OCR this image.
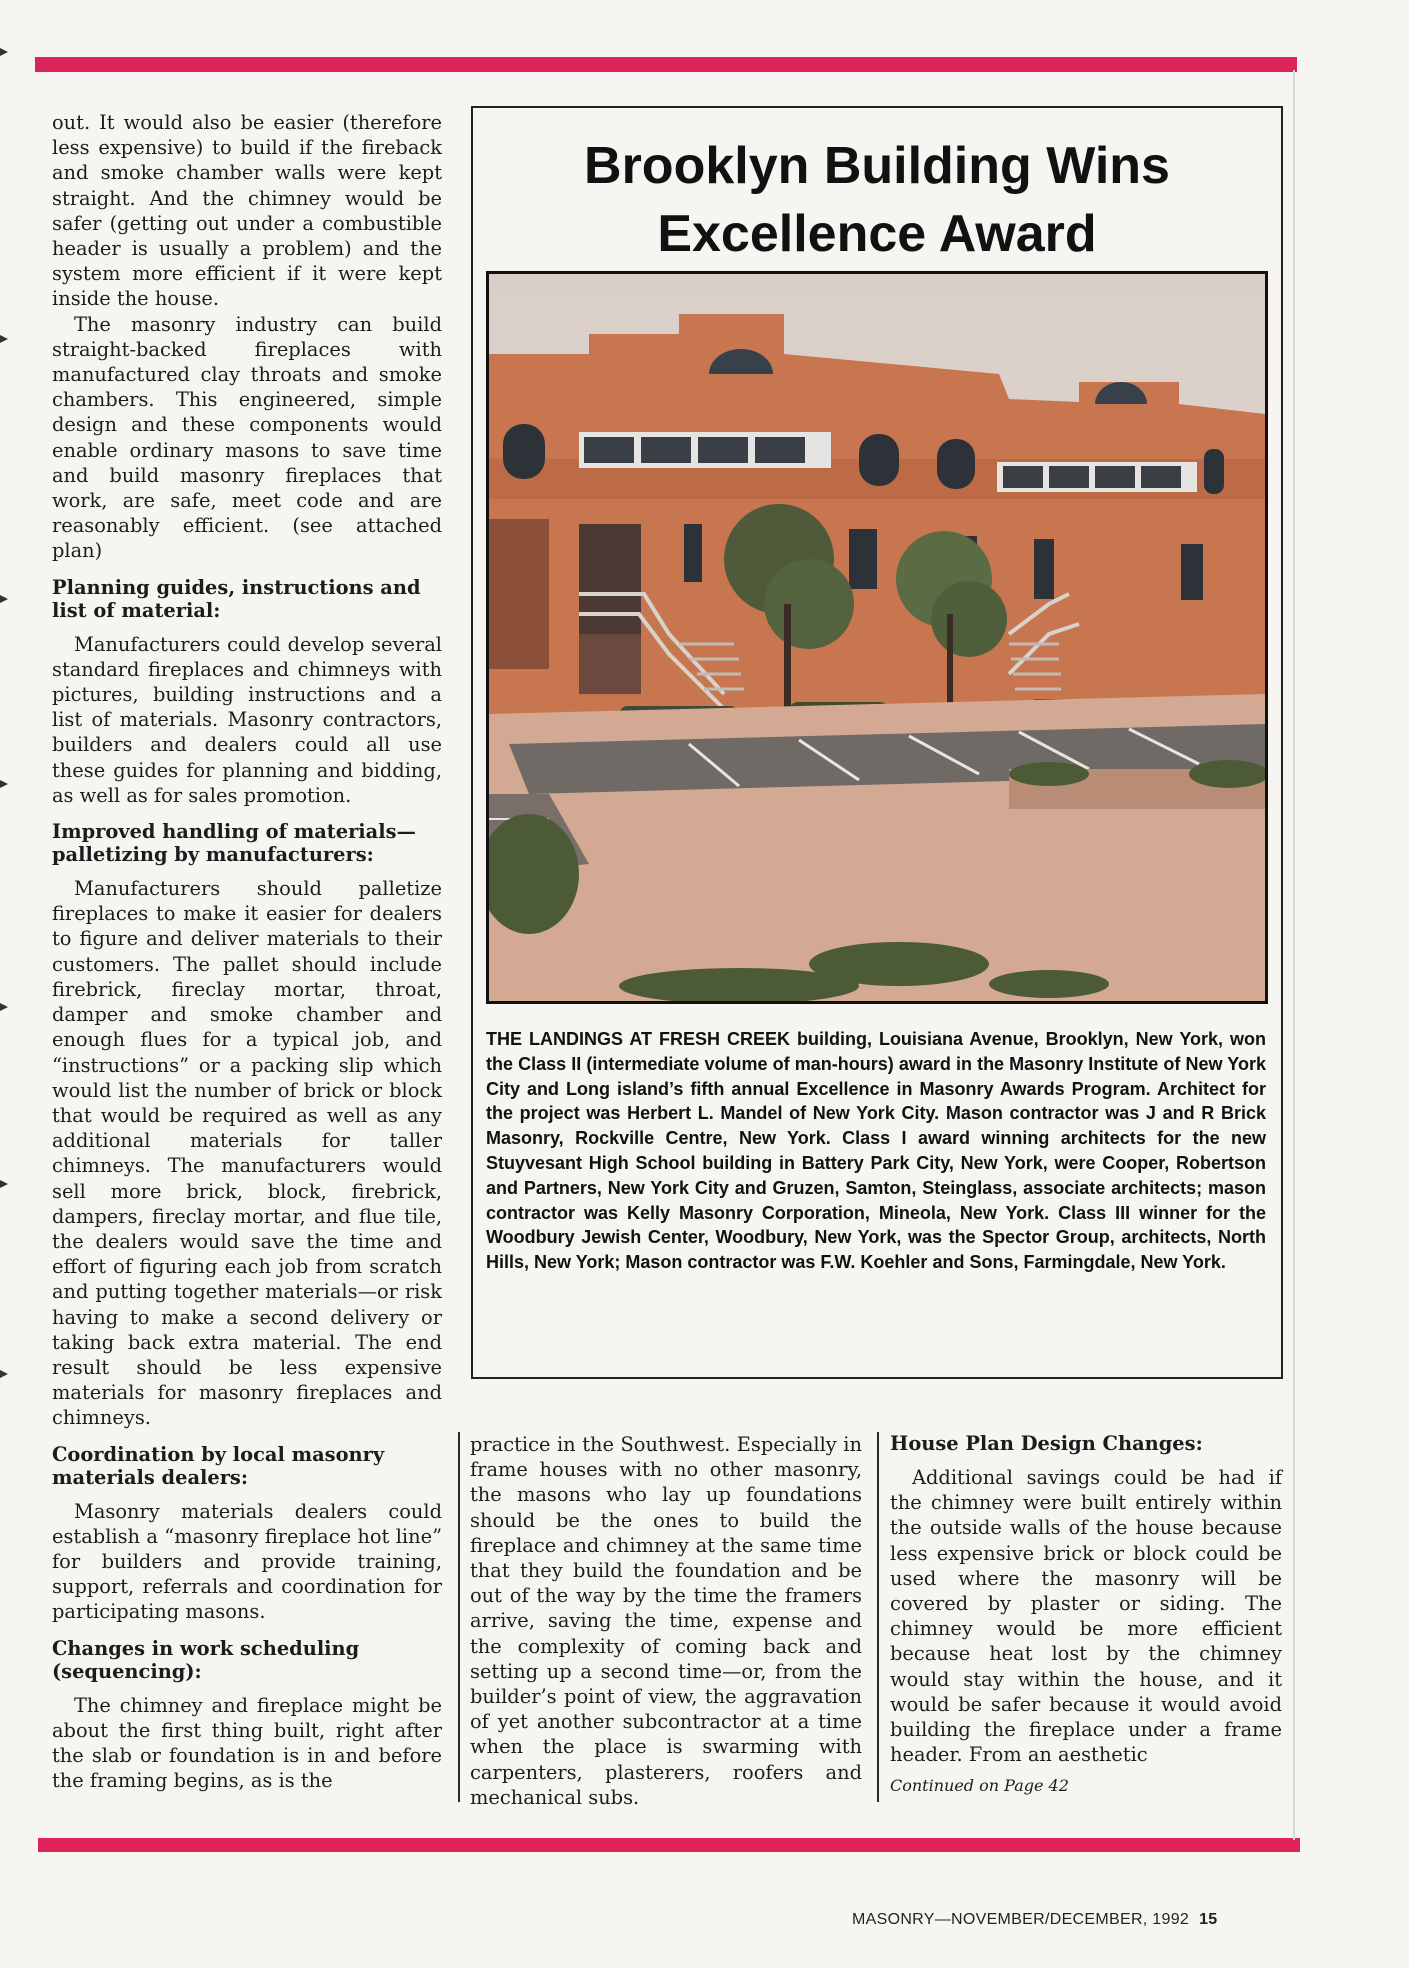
out. It would also be easier (therefore less expensive) to build if the fireback and smoke chamber walls were kept straight. And the chimney would be safer (getting out under a combustible header is usually a problem) and the system more efficient if it were kept inside the house.

The masonry industry can build straight-backed fireplaces with manufactured clay throats and smoke chambers. This engineered, simple design and these components would enable ordinary masons to save time and build masonry fireplaces that work, are safe, meet code and are reasonably efficient. (see attached plan)

Planning guides, instructions and list of material:

Manufacturers could develop several standard fireplaces and chimneys with pictures, building instructions and a list of materials. Masonry contractors, builders and dealers could all use these guides for planning and bidding, as well as for sales promotion.

Improved handling of materials—palletizing by manufacturers:

Manufacturers should palletize fireplaces to make it easier for dealers to figure and deliver materials to their customers. The pallet should include firebrick, fireclay mortar, throat, damper and smoke chamber and enough flues for a typical job, and “instructions” or a packing slip which would list the number of brick or block that would be required as well as any additional materials for taller chimneys. The manufacturers would sell more brick, block, firebrick, dampers, fireclay mortar, and flue tile, the dealers would save the time and effort of figuring each job from scratch and putting together materials—or risk having to make a second delivery or taking back extra material. The end result should be less expensive materials for masonry fireplaces and chimneys.

Coordination by local masonry materials dealers:

Masonry materials dealers could establish a “masonry fireplace hot line” for builders and provide training, support, referrals and coordination for participating masons.

Changes in work scheduling (sequencing):

The chimney and fireplace might be about the first thing built, right after the slab or foundation is in and before the framing begins, as is the

Brooklyn Building Wins
Excellence Award
THE LANDINGS AT FRESH CREEK building, Louisiana Avenue, Brooklyn, New York, won the Class II (intermediate volume of man-hours) award in the Masonry Institute of New York City and Long island’s fifth annual Excellence in Masonry Awards Program. Architect for the project was Herbert L. Mandel of New York City. Mason contractor was J and R Brick Masonry, Rockville Centre, New York. Class I award winning architects for the new Stuyvesant High School building in Battery Park City, New York, were Cooper, Robertson and Partners, New York City and Gruzen, Samton, Steinglass, associate architects; mason contractor was Kelly Masonry Corporation, Mineola, New York. Class III winner for the Woodbury Jewish Center, Woodbury, New York, was the Spector Group, architects, North Hills, New York; Mason contractor was F.W. Koehler and Sons, Farmingdale, New York.

practice in the Southwest. Especially in frame houses with no other masonry, the masons who lay up foundations should be the ones to build the fireplace and chimney at the same time that they build the foundation and be out of the way by the time the framers arrive, saving the time, expense and the complexity of coming back and setting up a second time—or, from the builder’s point of view, the aggravation of yet another subcontractor at a time when the place is swarming with carpenters, plasterers, roofers and mechanical subs.

House Plan Design Changes:

Additional savings could be had if the chimney were built entirely within the outside walls of the house because less expensive brick or block could be used where the masonry will be covered by plaster or siding. The chimney would be more efficient because heat lost by the chimney would stay within the house, and it would be safer because it would avoid building the fireplace under a frame header. From an aesthetic

Continued on Page 42
MASONRY—NOVEMBER/DECEMBER, 1992 15
